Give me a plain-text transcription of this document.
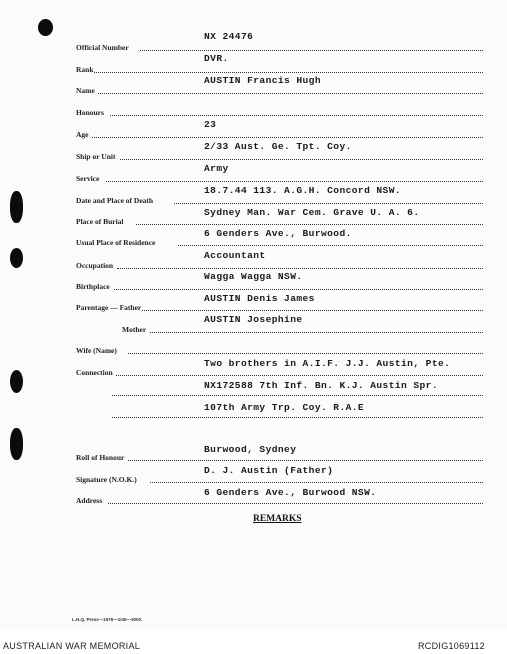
NX 24476
Official Number
DVR.
Rank
AUSTIN Francis Hugh
Name
Honours
23
Age
2/33 Aust. Ge. Tpt. Coy.
Ship or Unit
Army
Service
18.7.44 113. A.G.H. Concord NSW.
Date and Place of Death
Sydney Man. War Cem. Grave U. A. 6.
Place of Burial
6 Genders Ave., Burwood.
Usual Place of Residence
Accountant
Occupation
Wagga Wagga NSW.
Birthplace
AUSTIN Denis James
Parentage — Father
AUSTIN Josephine
Mother
Wife (Name)
Two brothers in A.I.F. J.J. Austin, Pte.
Connection
NX172588 7th Inf. Bn. K.J. Austin Spr.
107th Army Trp. Coy. R.A.E
Burwood, Sydney
Roll of Honour
D. J. Austin (Father)
Signature (N.O.K.)
6 Genders Ave., Burwood NSW.
Address
REMARKS
L.H.Q. Press—1976—1/45—3000.
AUSTRALIAN WAR MEMORIAL	RCDIG1069112
